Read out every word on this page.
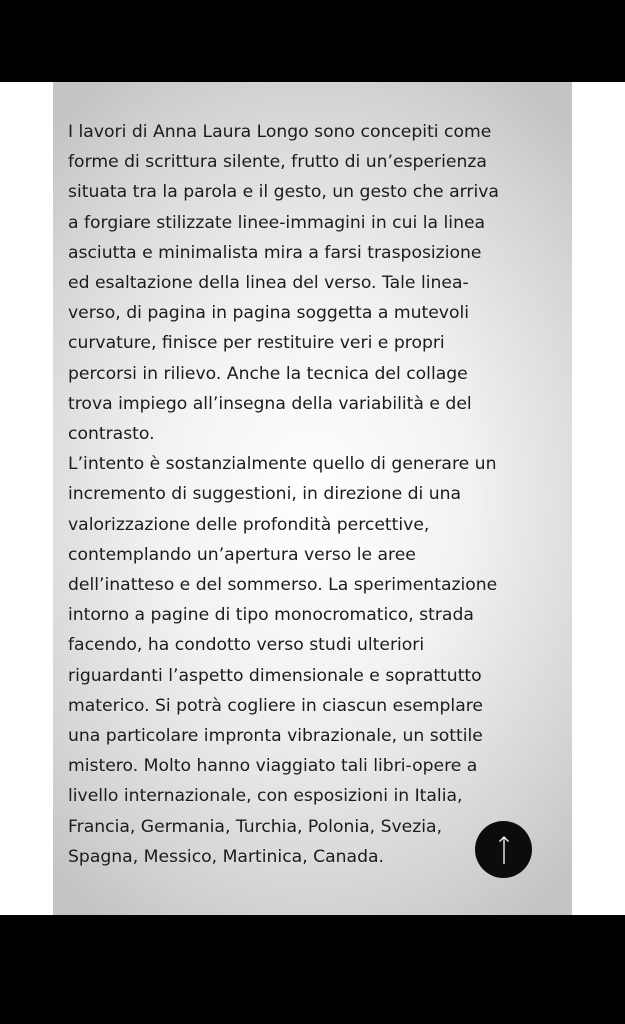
I lavori di Anna Laura Longo sono concepiti come
forme di scrittura silente, frutto di un’esperienza
situata tra la parola e il gesto, un gesto che arriva
a forgiare stilizzate linee-immagini in cui la linea
asciutta e minimalista mira a farsi trasposizione
ed esaltazione della linea del verso. Tale linea-
verso, di pagina in pagina soggetta a mutevoli
curvature, finisce per restituire veri e propri
percorsi in rilievo. Anche la tecnica del collage
trova impiego all’insegna della variabilità e del
contrasto.

L’intento è sostanzialmente quello di generare un
incremento di suggestioni, in direzione di una
valorizzazione delle profondità percettive,
contemplando un’apertura verso le aree
dell’inatteso e del sommerso. La sperimentazione
intorno a pagine di tipo monocromatico, strada
facendo, ha condotto verso studi ulteriori
riguardanti l’aspetto dimensionale e soprattutto
materico. Si potrà cogliere in ciascun esemplare
una particolare impronta vibrazionale, un sottile
mistero. Molto hanno viaggiato tali libri-opere a
livello internazionale, con esposizioni in Italia,
Francia, Germania, Turchia, Polonia, Svezia,
Spagna, Messico, Martinica, Canada.
